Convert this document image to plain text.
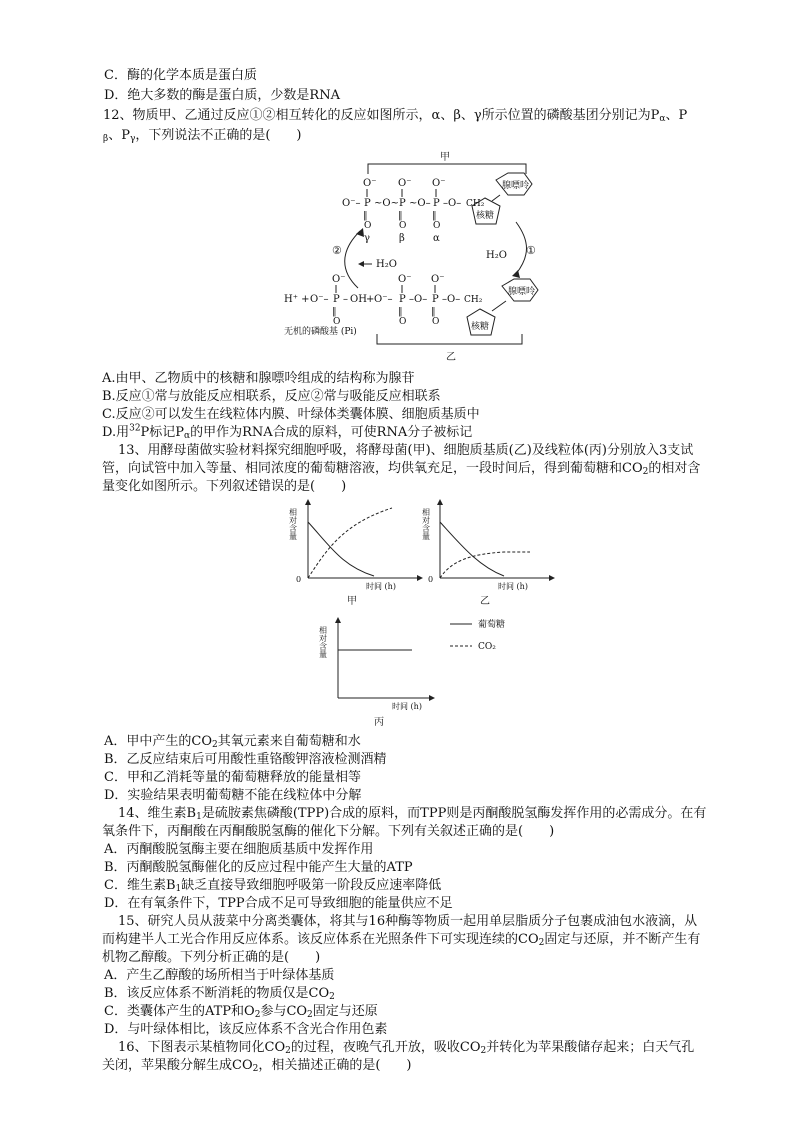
C．酶的化学本质是蛋白质
D．绝大多数的酶是蛋白质，少数是RNA
12、物质甲、乙通过反应①②相互转化的反应如图所示，α、β、γ所示位置的磷酸基团分别记为$P_\alpha$、P
$_\beta$、$P_\gamma$，下列说法不正确的是(　　)
甲
O⁻ O⁻ O⁻
O⁻– P ~O~ P ~O– P –O– CH₂
‖	‖	‖
O	O	O
γ	β	α
腺嘌呤
核糖
①
H₂O
②
H₂O
O⁻	O⁻ O⁻
H⁺ + O⁻– P – OH + O⁻– P –O– P –O– CH₂
‖	‖	‖
O	O	O
腺嘌呤
核糖
无机的磷酸基 (Pi)
乙
A.由甲、乙物质中的核糖和腺嘌呤组成的结构称为腺苷
B.反应①常与放能反应相联系，反应②常与吸能反应相联系
C.反应②可以发生在线粒体内膜、叶绿体类囊体膜、细胞质基质中
D.用$^{32}$P标记$P_\alpha$的甲作为RNA合成的原料，可使RNA分子被标记
13、用酵母菌做实验材料探究细胞呼吸，将酵母菌(甲)、细胞质基质(乙)及线粒体(丙)分别放入3支试
管，向试管中加入等量、相同浓度的葡萄糖溶液，均供氧充足，一段时间后，得到葡萄糖和$CO_2$的相对含
量变化如图所示。下列叙述错误的是(　　)
相对含量
0
时间 (h)
甲
相对含量
0
时间 (h)
乙
相对含量
时间 (h)
丙
葡萄糖
CO₂
A．甲中产生的$CO_2$其氧元素来自葡萄糖和水
B．乙反应结束后可用酸性重铬酸钾溶液检测酒精
C．甲和乙消耗等量的葡萄糖释放的能量相等
D．实验结果表明葡萄糖不能在线粒体中分解
14、维生素$B_1$是硫胺素焦磷酸(TPP)合成的原料，而TPP则是丙酮酸脱氢酶发挥作用的必需成分。在有
氧条件下，丙酮酸在丙酮酸脱氢酶的催化下分解。下列有关叙述正确的是(　　)
A．丙酮酸脱氢酶主要在细胞质基质中发挥作用
B．丙酮酸脱氢酶催化的反应过程中能产生大量的ATP
C．维生素$B_1$缺乏直接导致细胞呼吸第一阶段反应速率降低
D．在有氧条件下，TPP合成不足可导致细胞的能量供应不足
15、研究人员从菠菜中分离类囊体，将其与16种酶等物质一起用单层脂质分子包裹成油包水液滴，从
而构建半人工光合作用反应体系。该反应体系在光照条件下可实现连续的$CO_2$固定与还原，并不断产生有
机物乙醇酸。下列分析正确的是(　　)
A．产生乙醇酸的场所相当于叶绿体基质
B．该反应体系不断消耗的物质仅是$CO_2$
C．类囊体产生的ATP和$O_2$参与$CO_2$固定与还原
D．与叶绿体相比，该反应体系不含光合作用色素
16、下图表示某植物同化$CO_2$的过程，夜晚气孔开放，吸收$CO_2$并转化为苹果酸储存起来；白天气孔
关闭，苹果酸分解生成$CO_2$，相关描述正确的是(　　)
